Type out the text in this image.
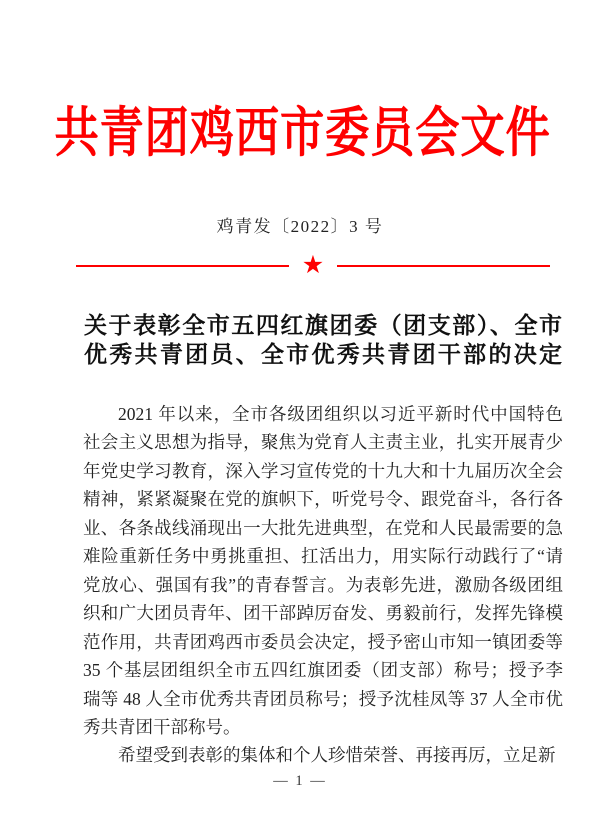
共青团鸡西市委员会文件
鸡青发〔2022〕3 号
★
关于表彰全市五四红旗团委（团支部）、全市
优秀共青团员、全市优秀共青团干部的决定
2021 年以来，全市各级团组织以习近平新时代中国特色
社会主义思想为指导，聚焦为党育人主责主业，扎实开展青少
年党史学习教育，深入学习宣传党的十九大和十九届历次全会
精神，紧紧凝聚在党的旗帜下，听党号令、跟党奋斗，各行各
业、各条战线涌现出一大批先进典型，在党和人民最需要的急
难险重新任务中勇挑重担、扛活出力，用实际行动践行了“请
党放心、强国有我”的青春誓言。为表彰先进，激励各级团组
织和广大团员青年、团干部踔厉奋发、勇毅前行，发挥先锋模
范作用，共青团鸡西市委员会决定，授予密山市知一镇团委等
35 个基层团组织全市五四红旗团委（团支部）称号；授予李
瑞等 48 人全市优秀共青团员称号；授予沈桂凤等 37 人全市优
秀共青团干部称号。
希望受到表彰的集体和个人珍惜荣誉、再接再厉，立足新
— 1 —
